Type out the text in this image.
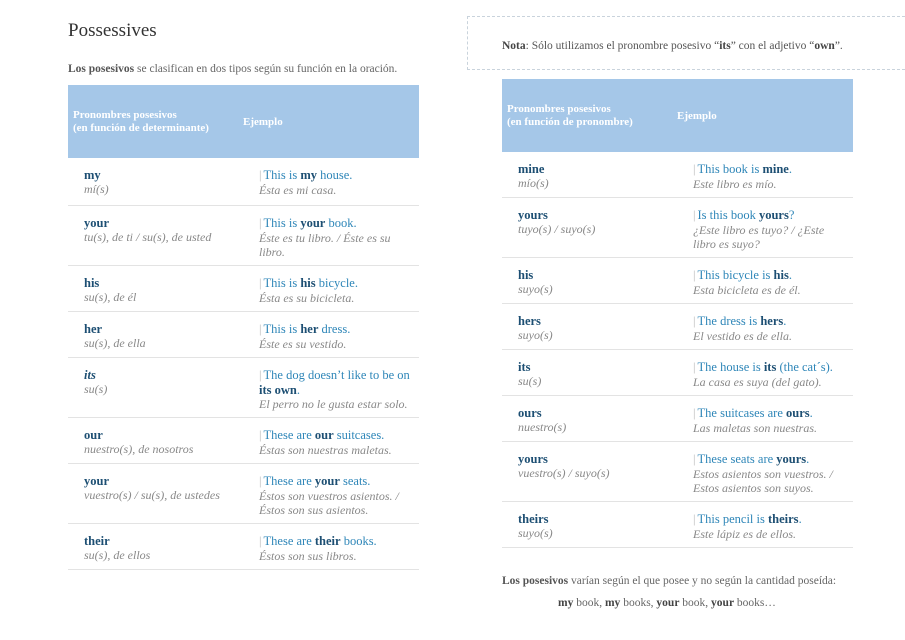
Possessives
Los posesivos se clasifican en dos tipos según su función en la oración.
Nota: Sólo utilizamos el pronombre posesivo “its” con el adjetivo “own”.
Pronombres posesivos
(en función de determinante)	Ejemplo
my
mí(s)
| This is my house.
Ésta es mi casa.
your
tu(s), de ti / su(s), de usted
| This is your book.
Éste es tu libro. / Éste es su libro.
his
su(s), de él
| This is his bicycle.
Ésta es su bicicleta.
her
su(s), de ella
| This is her dress.
Éste es su vestido.
its
su(s)
| The dog doesn’t like to be on its own.
El perro no le gusta estar solo.
our
nuestro(s), de nosotros
| These are our suitcases.
Éstas son nuestras maletas.
your
vuestro(s) / su(s), de ustedes
| These are your seats.
Éstos son vuestros asientos. / Éstos son sus asientos.
their
su(s), de ellos
| These are their books.
Éstos son sus libros.
Pronombres posesivos
(en función de pronombre)	Ejemplo
mine
mío(s)
| This book is mine.
Este libro es mío.
yours
tuyo(s) / suyo(s)
| Is this book yours?
¿Este libro es tuyo? / ¿Este libro es suyo?
his
suyo(s)
| This bicycle is his.
Esta bicicleta es de él.
hers
suyo(s)
| The dress is hers.
El vestido es de ella.
its
su(s)
| The house is its (the cat´s).
La casa es suya (del gato).
ours
nuestro(s)
| The suitcases are ours.
Las maletas son nuestras.
yours
vuestro(s) / suyo(s)
| These seats are yours.
Estos asientos son vuestros. / Estos asientos son suyos.
theirs
suyo(s)
| This pencil is theirs.
Este lápiz es de ellos.
Los posesivos varían según el que posee y no según la cantidad poseída:
my book, my books, your book, your books…
